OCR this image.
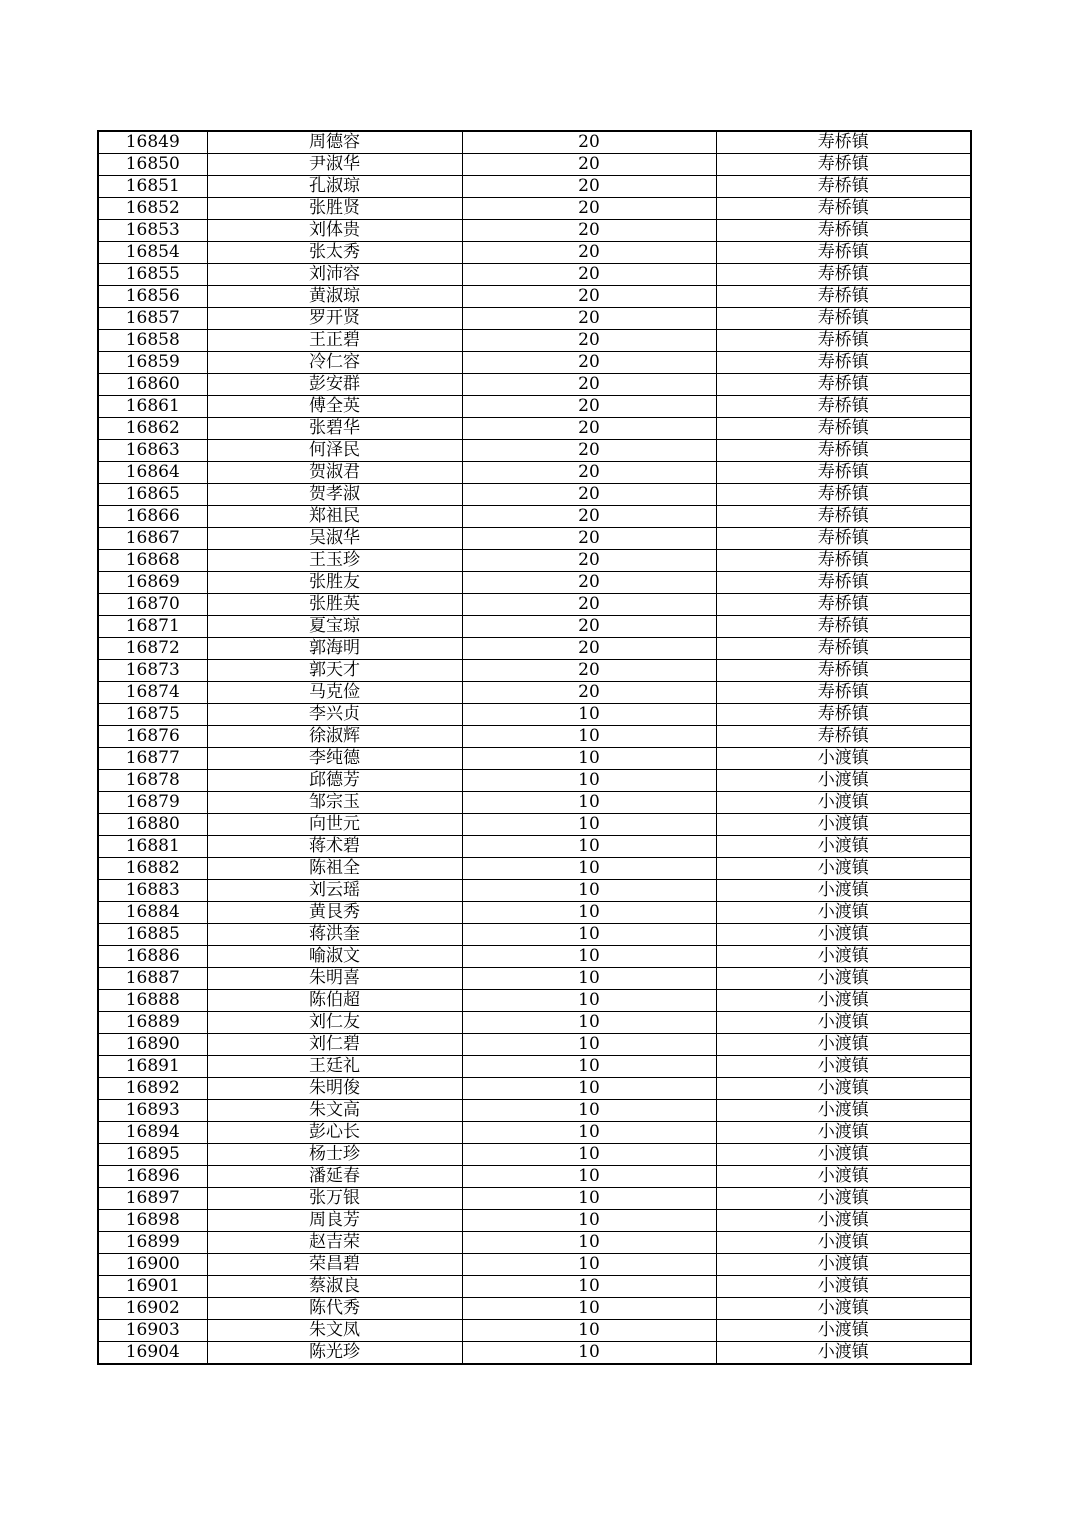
16849	周德容	20	寿桥镇
16850	尹淑华	20	寿桥镇
16851	孔淑琼	20	寿桥镇
16852	张胜贤	20	寿桥镇
16853	刘体贵	20	寿桥镇
16854	张太秀	20	寿桥镇
16855	刘沛容	20	寿桥镇
16856	黄淑琼	20	寿桥镇
16857	罗开贤	20	寿桥镇
16858	王正碧	20	寿桥镇
16859	冷仁容	20	寿桥镇
16860	彭安群	20	寿桥镇
16861	傅全英	20	寿桥镇
16862	张碧华	20	寿桥镇
16863	何泽民	20	寿桥镇
16864	贺淑君	20	寿桥镇
16865	贺孝淑	20	寿桥镇
16866	郑祖民	20	寿桥镇
16867	吴淑华	20	寿桥镇
16868	王玉珍	20	寿桥镇
16869	张胜友	20	寿桥镇
16870	张胜英	20	寿桥镇
16871	夏宝琼	20	寿桥镇
16872	郭海明	20	寿桥镇
16873	郭天才	20	寿桥镇
16874	马克俭	20	寿桥镇
16875	李兴贞	10	寿桥镇
16876	徐淑辉	10	寿桥镇
16877	李纯德	10	小渡镇
16878	邱德芳	10	小渡镇
16879	邹宗玉	10	小渡镇
16880	向世元	10	小渡镇
16881	蒋术碧	10	小渡镇
16882	陈祖全	10	小渡镇
16883	刘云瑶	10	小渡镇
16884	黄艮秀	10	小渡镇
16885	蒋洪奎	10	小渡镇
16886	喻淑文	10	小渡镇
16887	朱明喜	10	小渡镇
16888	陈伯超	10	小渡镇
16889	刘仁友	10	小渡镇
16890	刘仁碧	10	小渡镇
16891	王廷礼	10	小渡镇
16892	朱明俊	10	小渡镇
16893	朱文高	10	小渡镇
16894	彭心长	10	小渡镇
16895	杨士珍	10	小渡镇
16896	潘延春	10	小渡镇
16897	张万银	10	小渡镇
16898	周良芳	10	小渡镇
16899	赵吉荣	10	小渡镇
16900	荣昌碧	10	小渡镇
16901	蔡淑良	10	小渡镇
16902	陈代秀	10	小渡镇
16903	朱文凤	10	小渡镇
16904	陈光珍	10	小渡镇
